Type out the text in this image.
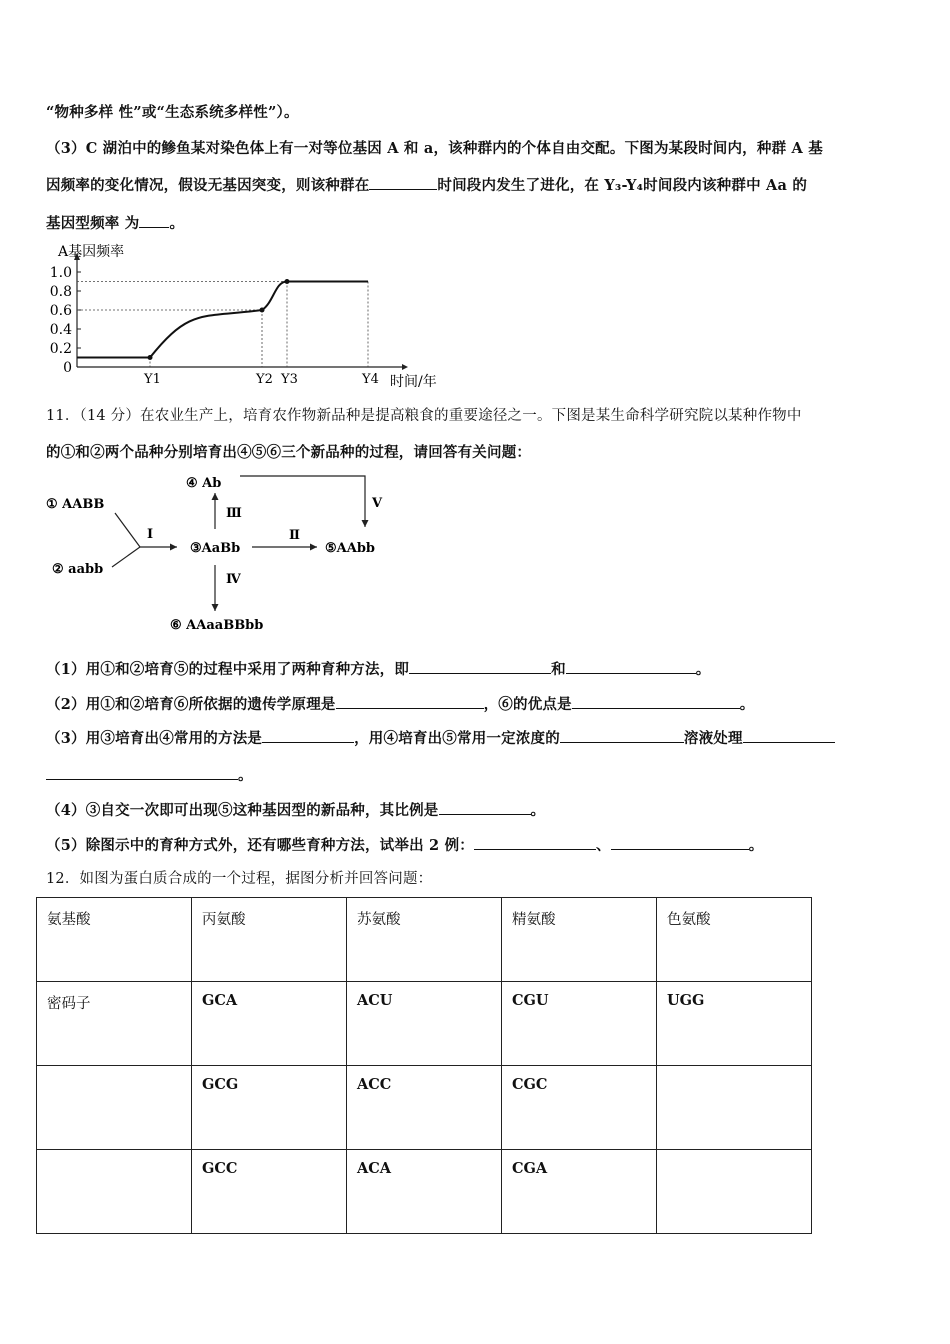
“物种多样 性”或“生态系统多样性”）。
（3）C 湖泊中的鲹鱼某对染色体上有一对等位基因 A 和 a，该种群内的个体自由交配。下图为某段时间内，种群 A 基
因频率的变化情况，假设无基因突变，则该种群在	时间段内发生了进化，在 Y₃-Y₄时间段内该种群中 Aa 的
基因型频率 为 。
0
0.2
0.4
0.6
0.8
1.0
A基因频率
时间/年
Y1	Y2 Y3	Y4
11．（14 分）在农业生产上，培育农作物新品种是提高粮食的重要途径之一。下图是某生命科学研究院以某种作物中
的①和②两个品种分别培育出④⑤⑥三个新品种的过程，请回答有关问题：
① AABB
② aabb
③AaBb
④ Ab
⑤AAbb
⑥ AAaaBBbb
Ⅰ	Ⅱ
Ⅲ
Ⅳ
Ⅴ
（1）用①和②培育⑤的过程中采用了两种育种方法，即	和	。
（2）用①和②培育⑥所依据的遗传学原理是	，⑥的优点是	。
（3）用③培育出④常用的方法是	，用④培育出⑤常用一定浓度的	溶液处理
。
（4）③自交一次即可出现⑤这种基因型的新品种，其比例是	。
（5）除图示中的育种方式外，还有哪些育种方法，试举出 2 例：	、	。
12．如图为蛋白质合成的一个过程，据图分析并回答问题：
氨基酸	丙氨酸	苏氨酸	精氨酸	色氨酸
密码子	GCA	ACU	CGU	UGG
	GCG	ACC	CGC	
	GCC	ACA	CGA	
